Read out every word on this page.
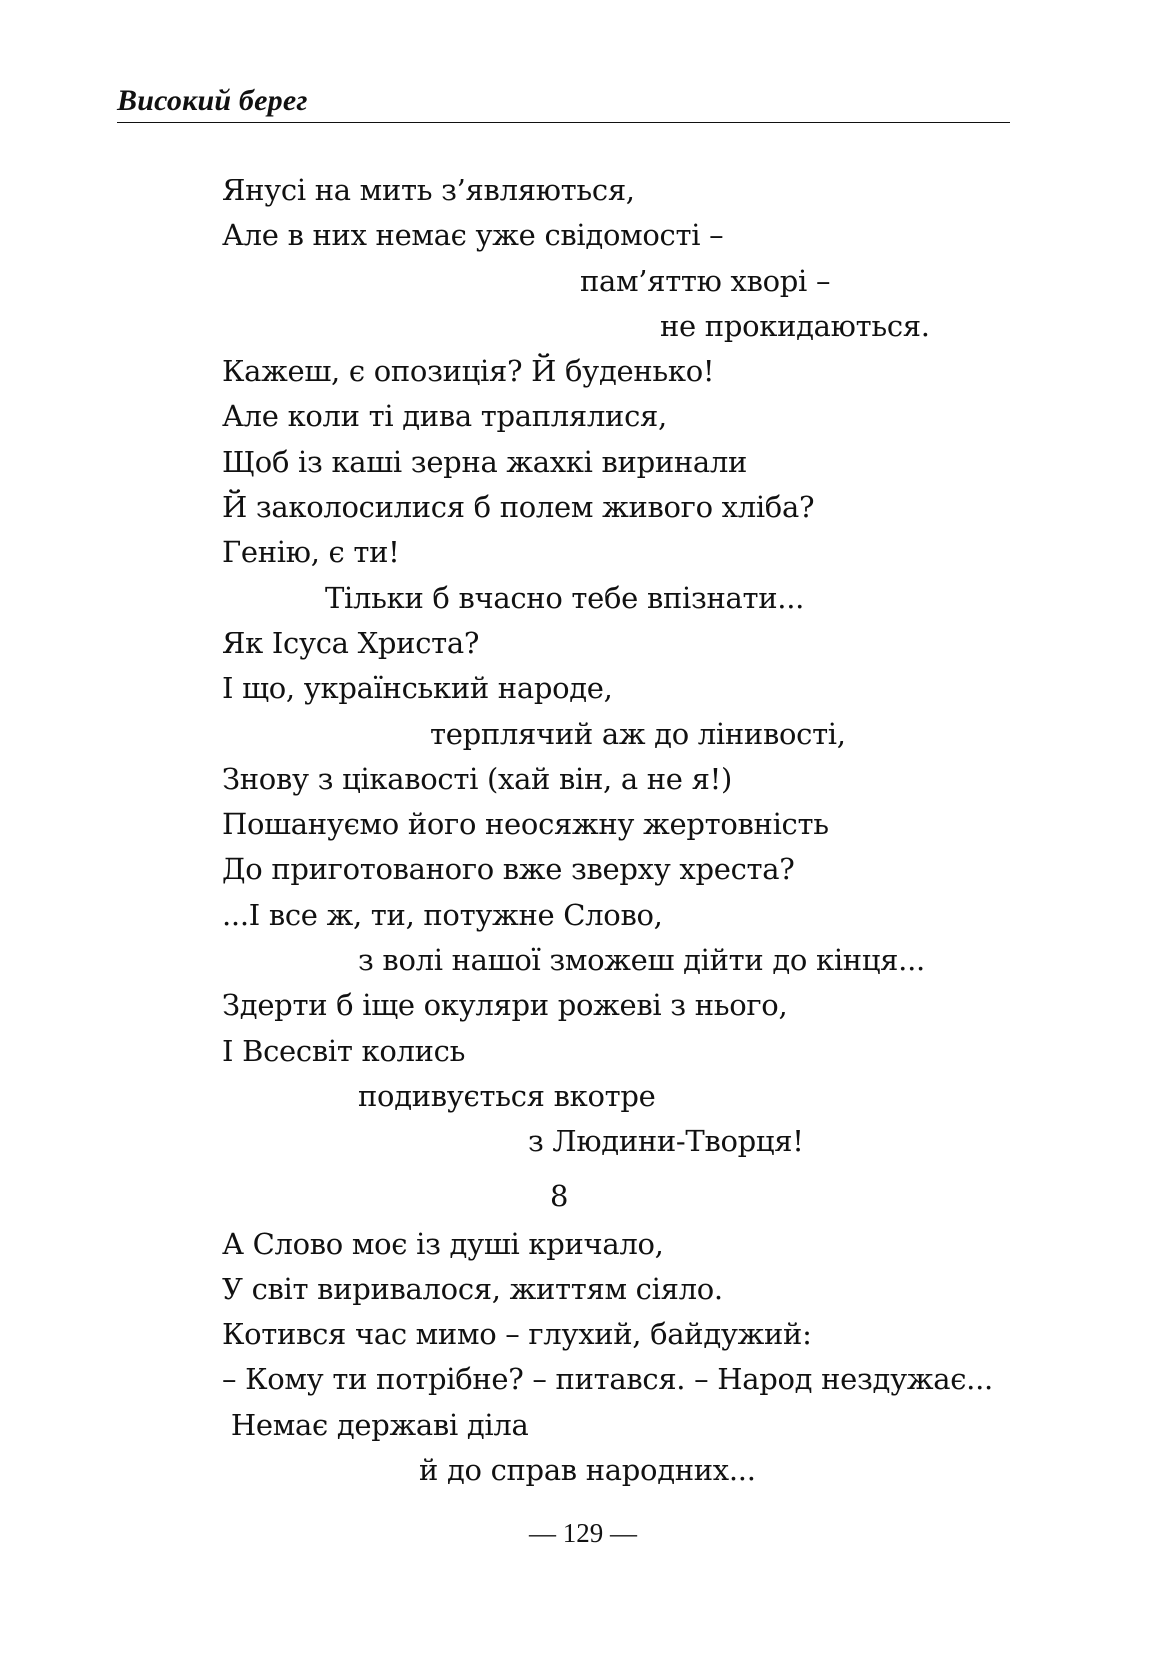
Високий берег
Янусі на мить з’являються,
Але в них немає уже свідомості –
пам’яттю хворі –
не прокидаються.
Кажеш, є опозиція? Й буденько!
Але коли ті дива траплялися,
Щоб із каші зерна жахкі виринали
Й заколосилися б полем живого хліба?
Генію, є ти!
Тільки б вчасно тебе впізнати...
Як Ісуса Христа?
І що, український народе,
терплячий аж до лінивості,
Знову з цікавості (хай він, а не я!)
Пошануємо його неосяжну жертовність
До приготованого вже зверху хреста?
...І все ж, ти, потужне Слово,
з волі нашої зможеш дійти до кінця...
Здерти б іще окуляри рожеві з нього,
І Всесвіт колись
подивується вкотре
з Людини-Творця!
8
А Слово моє із душі кричало,
У світ виривалося, життям сіяло.
Котився час мимо – глухий, байдужий:
– Кому ти потрібне? – питався. – Народ нездужає...
Немає державі діла
й до справ народних...
— 129 —
